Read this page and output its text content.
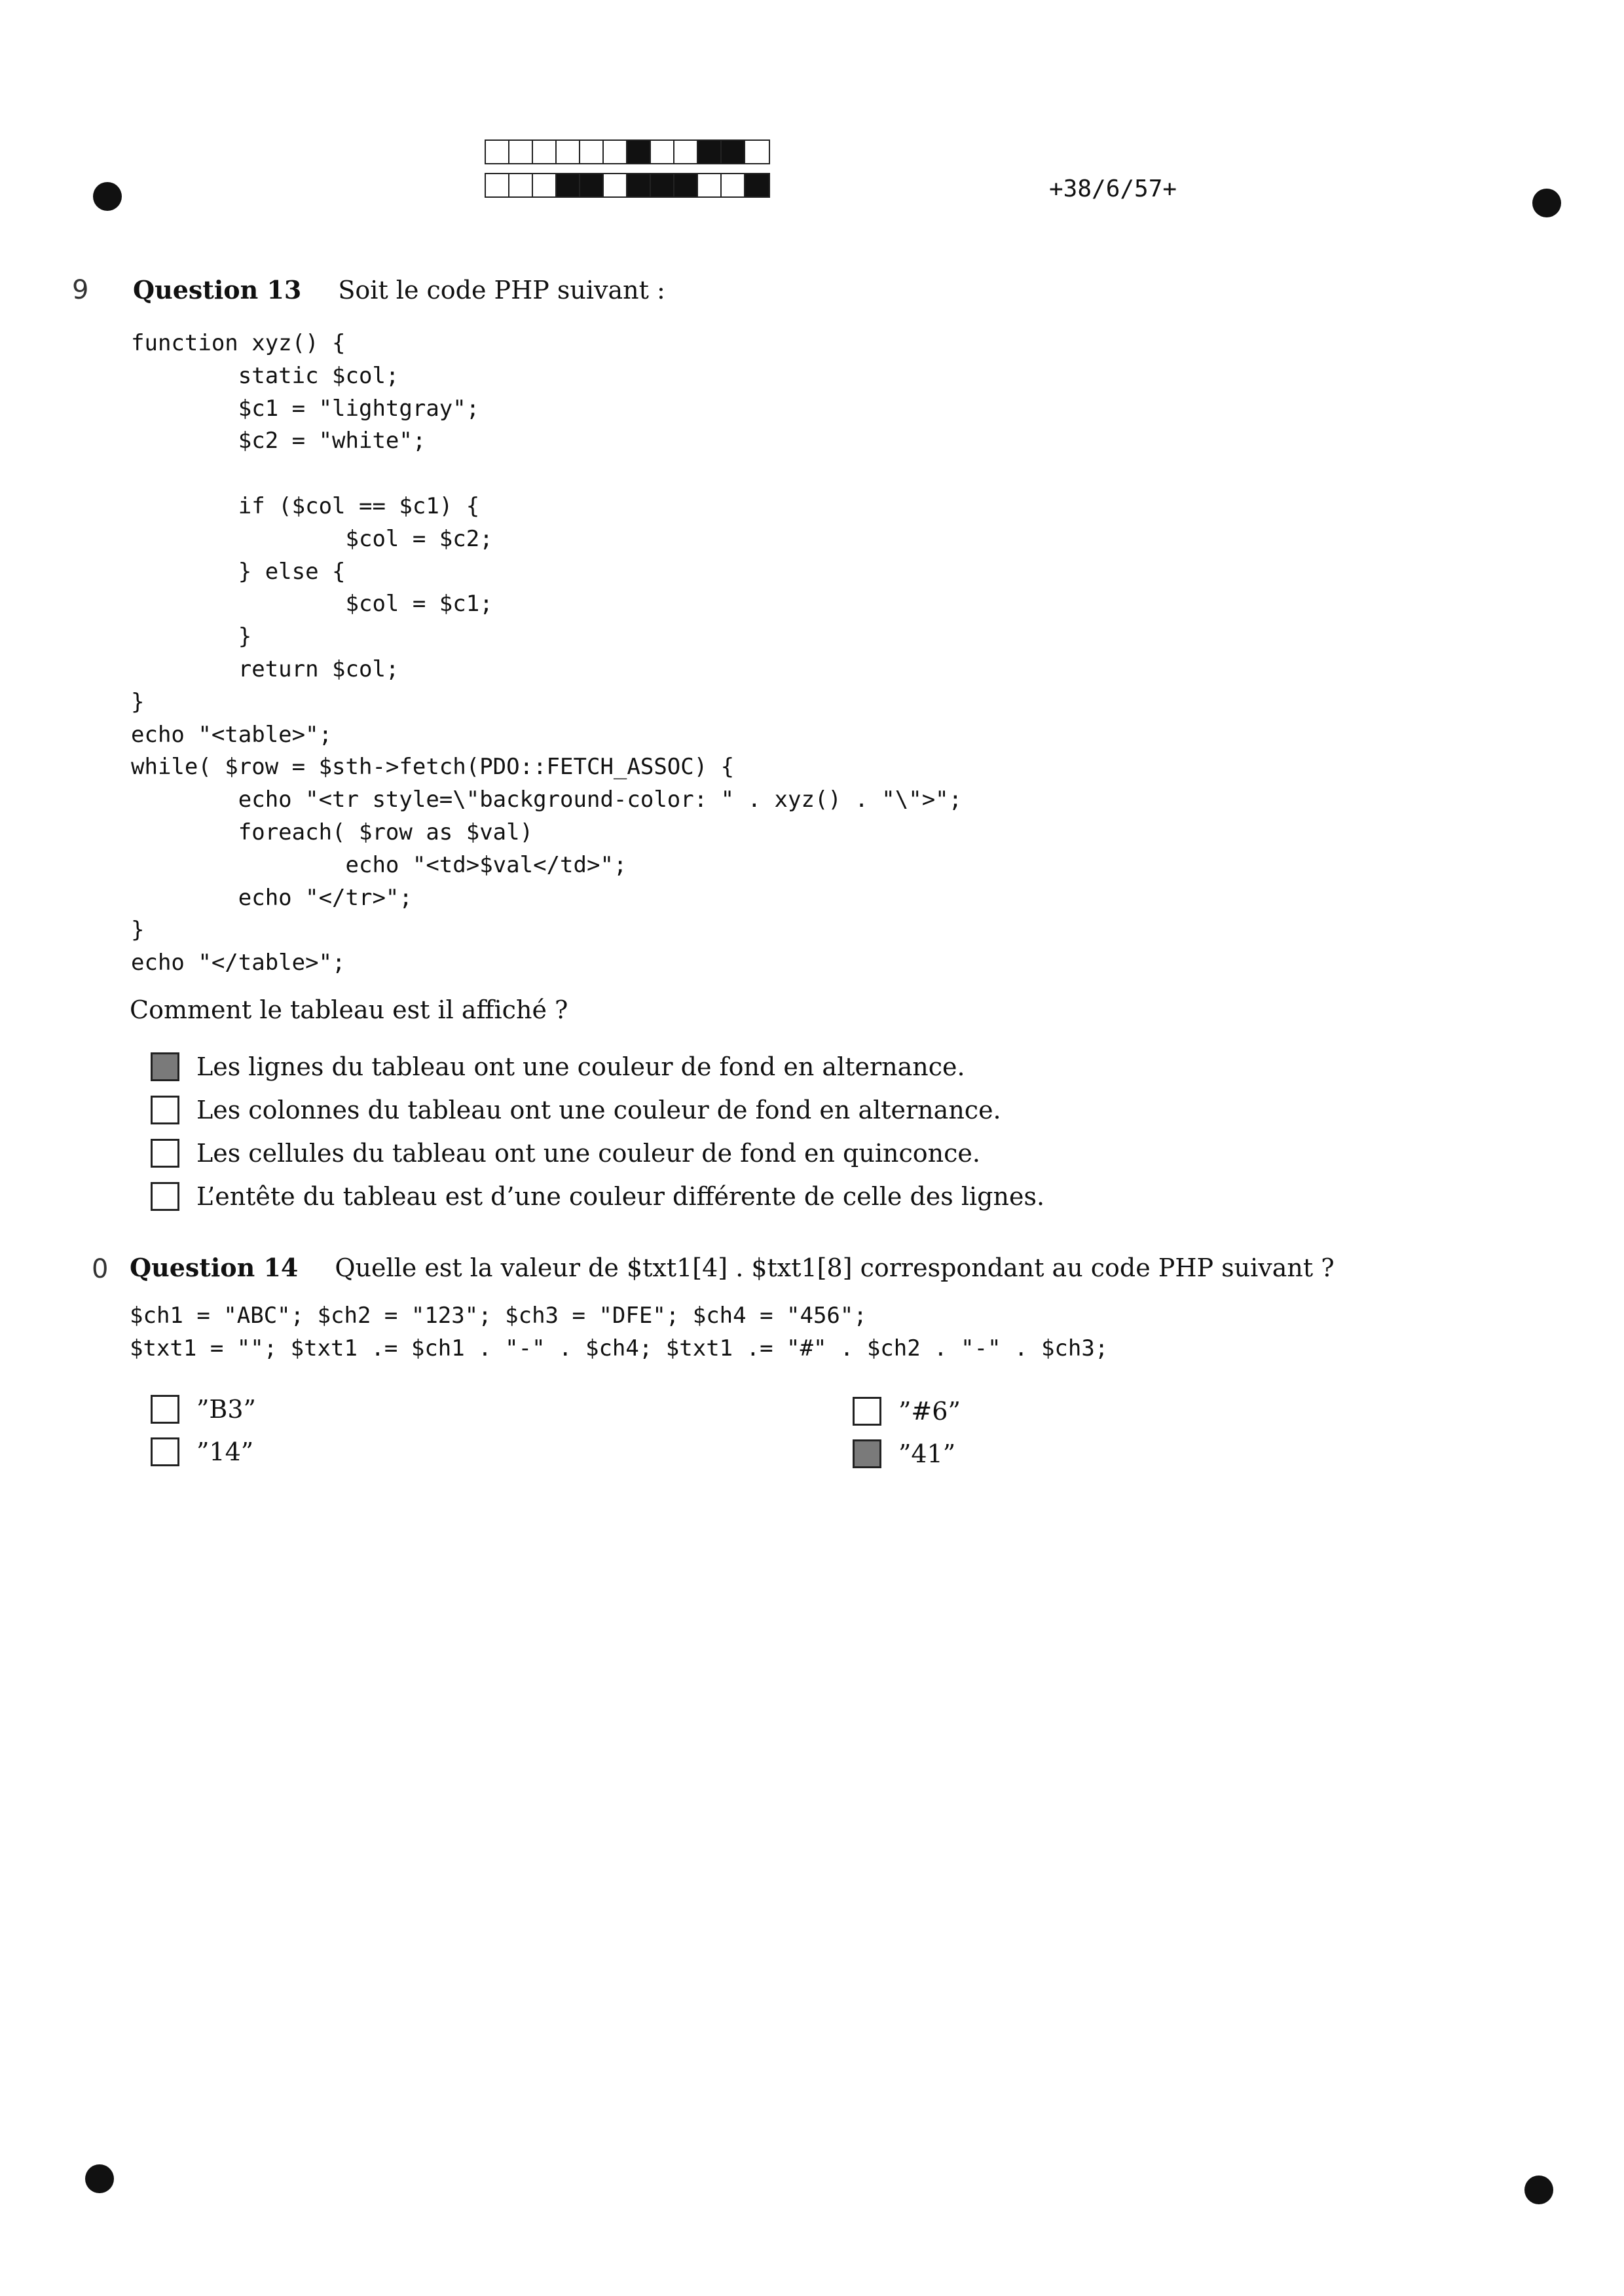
+38/6/57+
9 Question 13 Soit le code PHP suivant :
function xyz() {
static $col;
$c1 = "lightgray";
$c2 = "white";

if ($col == $c1) {
$col = $c2;
} else {
$col = $c1;
}
return $col;
}
echo "<table>";
while( $row = $sth->fetch(PDO::FETCH_ASSOC) {
echo "<tr style=\"background-color: " . xyz() . "\">";
foreach( $row as $val)
echo "<td>$val</td>";
echo "</tr>";
}
echo "</table>";
Comment le tableau est il affiché ?
Les lignes du tableau ont une couleur de fond en alternance.
Les colonnes du tableau ont une couleur de fond en alternance.
Les cellules du tableau ont une couleur de fond en quinconce.
L’entête du tableau est d’une couleur différente de celle des lignes.
0 Question 14 Quelle est la valeur de $txt1[4] . $txt1[8] correspondant au code PHP suivant ?
$ch1 = "ABC"; $ch2 = "123"; $ch3 = "DFE"; $ch4 = "456";
$txt1 = ""; $txt1 .= $ch1 . "-" . $ch4; $txt1 .= "#" . $ch2 . "-" . $ch3;
”B3”
”14”
”#6”
”41”
